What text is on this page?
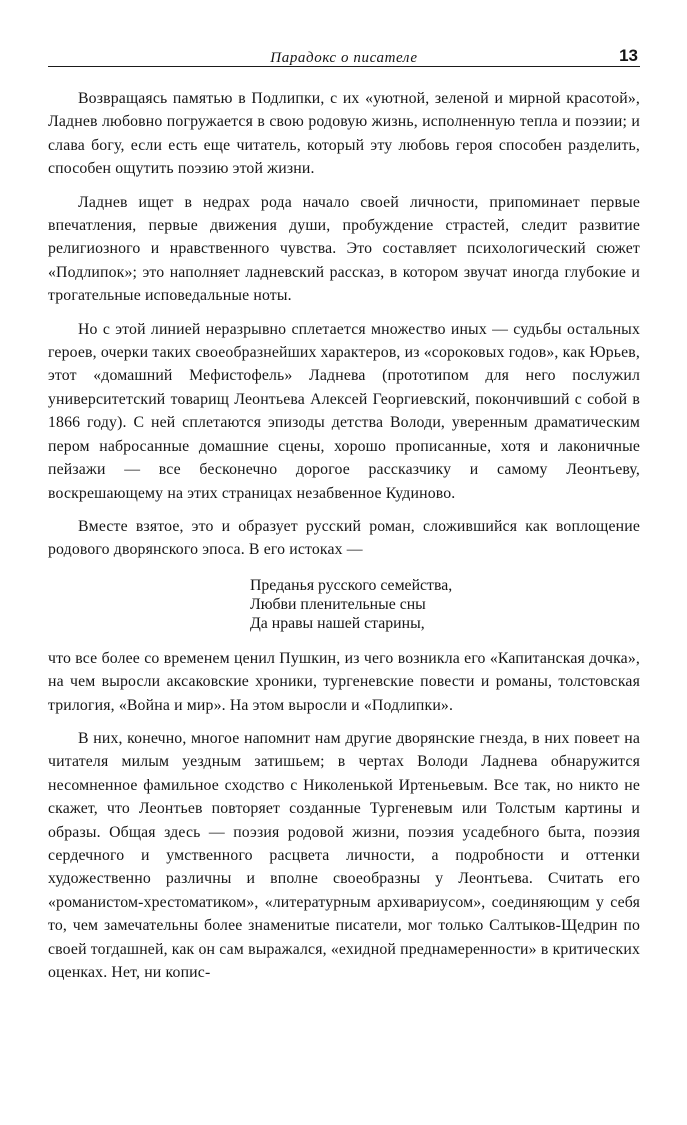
Парадокс о писателе	13

Возвращаясь памятью в Подлипки, с их «уютной, зеленой и мирной красотой», Ладнев любовно погружается в свою родовую жизнь, исполненную тепла и поэзии; и слава богу, если есть еще читатель, который эту любовь героя способен разделить, способен ощутить поэзию этой жизни.

Ладнев ищет в недрах рода начало своей личности, припоминает первые впечатления, первые движения души, пробуждение страстей, следит развитие религиозного и нравственного чувства. Это составляет психологический сюжет «Подлипок»; это наполняет ладневский рассказ, в котором звучат иногда глубокие и трогательные исповедальные ноты.

Но с этой линией неразрывно сплетается множество иных — судьбы остальных героев, очерки таких своеобразнейших характеров, из «сороковых годов», как Юрьев, этот «домашний Мефистофель» Ладнева (прототипом для него послужил университетский товарищ Леонтьева Алексей Георгиевский, покончивший с собой в 1866 году). С ней сплетаются эпизоды детства Володи, уверенным драматическим пером набросанные домашние сцены, хорошо прописанные, хотя и лаконичные пейзажи — все бесконечно дорогое рассказчику и самому Леонтьеву, воскрешающему на этих страницах незабвенное Кудиново.

Вместе взятое, это и образует русский роман, сложившийся как воплощение родового дворянского эпоса. В его истоках —

Преданья русского семейства,
Любви пленительные сны
Да нравы нашей старины,

что все более со временем ценил Пушкин, из чего возникла его «Капитанская дочка», на чем выросли аксаковские хроники, тургеневские повести и романы, толстовская трилогия, «Война и мир». На этом выросли и «Подлипки».

В них, конечно, многое напомнит нам другие дворянские гнезда, в них повеет на читателя милым уездным затишьем; в чертах Володи Ладнева обнаружится несомненное фамильное сходство с Николенькой Иртеньевым. Все так, но никто не скажет, что Леонтьев повторяет созданные Тургеневым или Толстым картины и образы. Общая здесь — поэзия родовой жизни, поэзия усадебного быта, поэзия сердечного и умственного расцвета личности, а подробности и оттенки художественно различны и вполне своеобразны у Леонтьева. Считать его «романистом-хрестоматиком», «литературным архивариусом», соединяющим у себя то, чем замечательны более знаменитые писатели, мог только Салтыков-Щедрин по своей тогдашней, как он сам выражался, «ехидной преднамеренности» в критических оценках. Нет, ни копис-
